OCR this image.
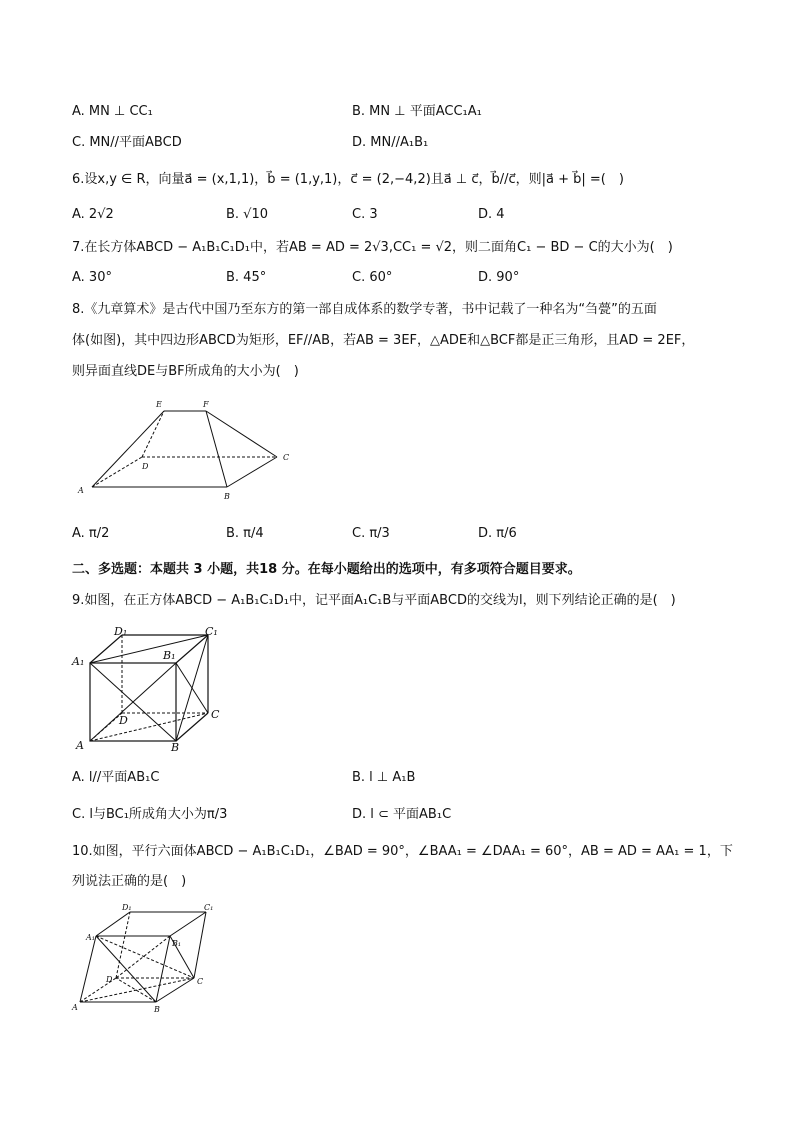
A. MN ⊥ CC₁	B. MN ⊥ 平面ACC₁A₁
C. MN//平面ABCD	D. MN//A₁B₁
6.设x,y ∈ R，向量a⃗ = (x,1,1)，b⃗ = (1,y,1)，c⃗ = (2,−4,2)且a⃗ ⊥ c⃗，b⃗//c⃗，则|a⃗ + b⃗| =(　)
A. 2√2	B. √10	C. 3	D. 4
7.在长方体ABCD − A₁B₁C₁D₁中，若AB = AD = 2√3,CC₁ = √2，则二面角C₁ − BD − C的大小为(　)
A. 30°	B. 45°	C. 60°	D. 90°
8.《九章算术》是古代中国乃至东方的第一部自成体系的数学专著，书中记载了一种名为“刍甍”的五面
体(如图)，其中四边形ABCD为矩形，EF//AB，若AB = 3EF，△ADE和△BCF都是正三角形，且AD = 2EF，
则异面直线DE与BF所成角的大小为(　)
A
B
C
D
E	F
A. π/2	B. π/4	C. π/3	D. π/6
二、多选题：本题共 3 小题，共18 分。在每小题给出的选项中，有多项符合题目要求。
9.如图，在正方体ABCD − A₁B₁C₁D₁中，记平面A₁C₁B与平面ABCD的交线为l，则下列结论正确的是(　)
A	B
C
D
A₁	B₁
C₁
D₁
A. l//平面AB₁C	B. l ⊥ A₁B
C. l与BC₁所成角大小为π/3	D. l ⊂ 平面AB₁C
10.如图，平行六面体ABCD − A₁B₁C₁D₁，∠BAD = 90°，∠BAA₁ = ∠DAA₁ = 60°，AB = AD = AA₁ = 1，下
列说法正确的是(　)
A	B
C
D
A₁
B₁
C₁
D₁
